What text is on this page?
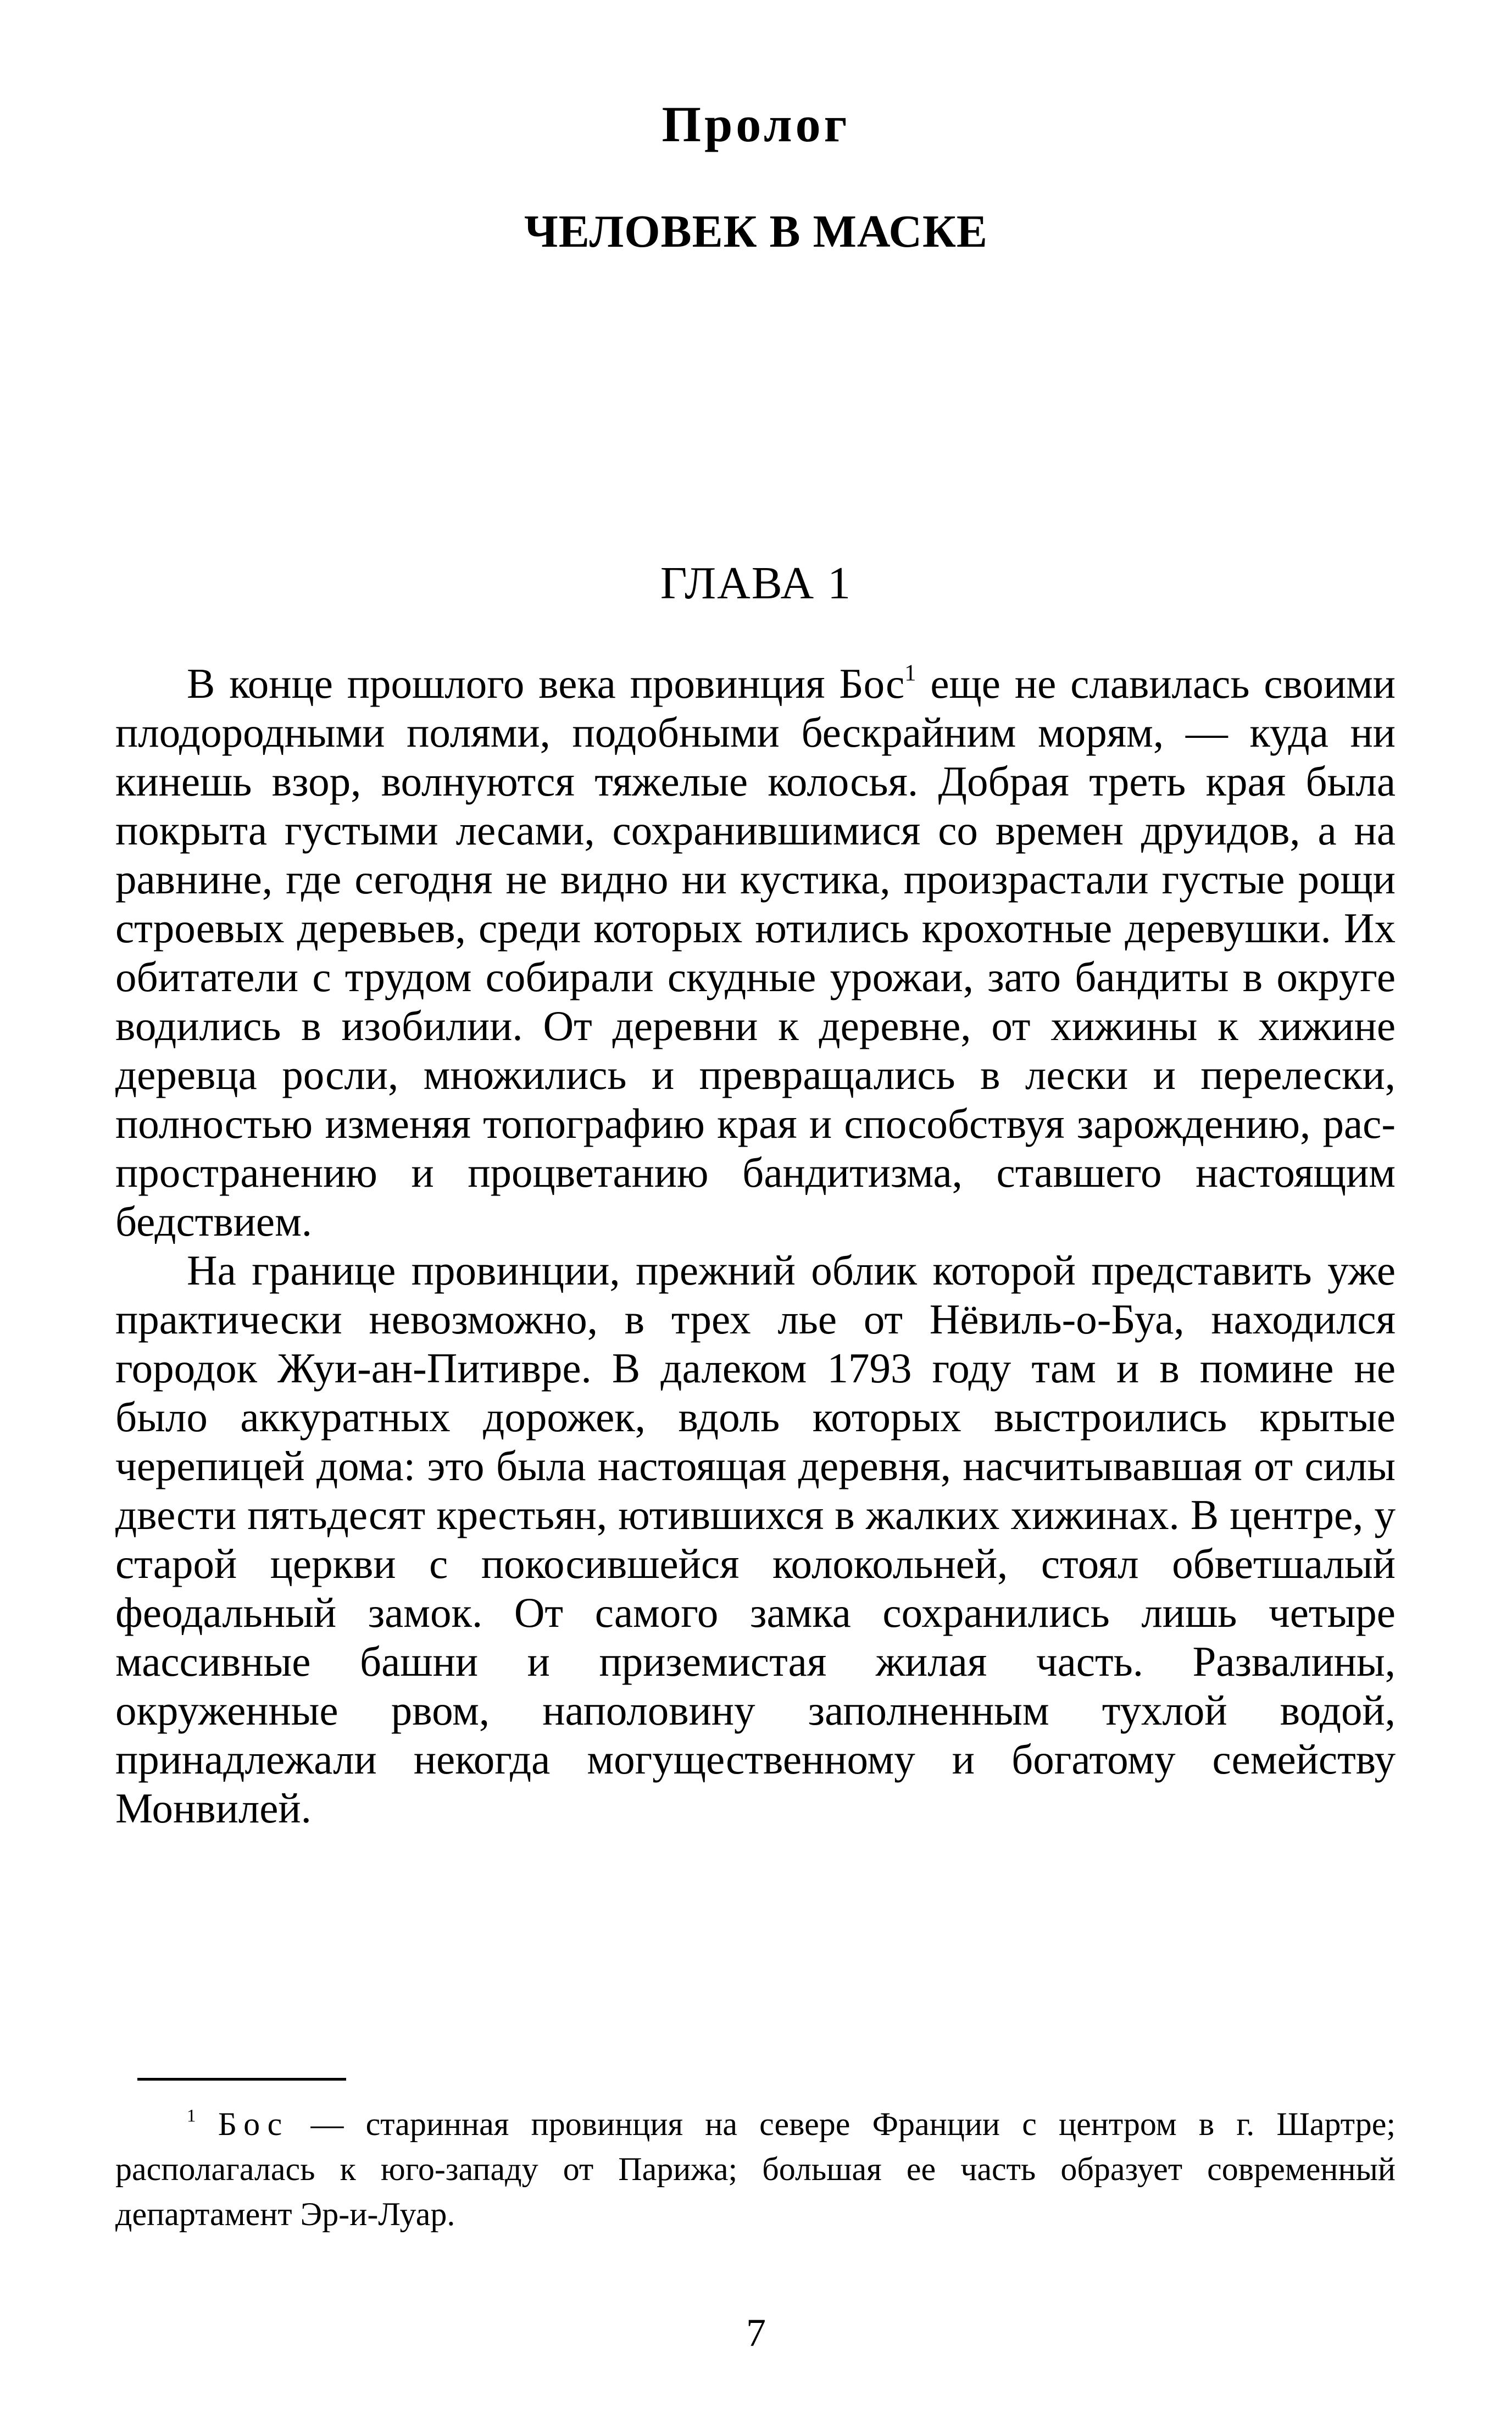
Пролог
ЧЕЛОВЕК В МАСКЕ
ГЛАВА 1

В конце прошлого века провинция Бос$^1$ еще не славилась своими плодородными полями, подобными бескрайним морям, — куда ни кинешь взор, волнуются тяжелые колосья. Добрая треть края была покрыта густыми лесами, сохранившимися со времен друидов, а на равнине, где сегодня не видно ни кустика, произрастали густые рощи строевых деревьев, среди которых ютились крохотные деревушки. Их обитатели с трудом собирали скудные урожаи, зато бандиты в округе водились в изобилии. От деревни к деревне, от хижины к хижине деревца росли, множились и превращались в лески и перелески, полностью изменяя топографию края и способствуя зарождению, распространению и процветанию бандитизма, ставшего настоящим бедствием.

На границе провинции, прежний облик которой представить уже практически невозможно, в трех лье от Нёвиль-о-Буа, находился городок Жуи-ан-Питивре. В далеком 1793 году там и в помине не было аккуратных дорожек, вдоль которых выстроились крытые черепицей дома: это была настоящая деревня, насчитывавшая от силы двести пятьдесят крестьян, ютившихся в жалких хижинах. В центре, у старой церкви с покосившейся колокольней, стоял обветшалый феодальный замок. От самого замка сохранились лишь четыре массивные башни и приземистая жилая часть. Развалины, окруженные рвом, наполовину заполненным тухлой водой, принадлежали некогда могущественному и богатому семейству Монвилей.

$^1$ Бос — старинная провинция на севере Франции с центром в г. Шартре; располагалась к юго-западу от Парижа; большая ее часть образует современный департамент Эр-и-Луар.

7
